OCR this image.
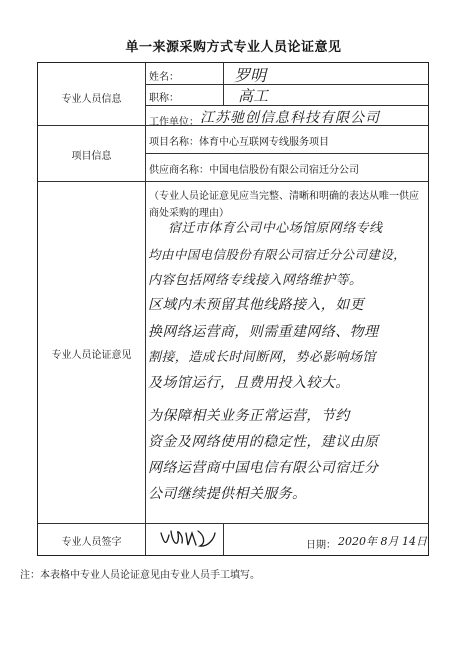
单一来源采购方式专业人员论证意见
专业人员信息
项目信息
专业人员论证意见
专业人员签字
姓名：	罗明
职称：	高工
工作单位： 江苏驰创信息科技有限公司
项目名称： 体育中心互联网专线服务项目
供应商名称： 中国电信股份有限公司宿迁分公司
（专业人员论证意见应当完整、清晰和明确的表达从唯一供应
商处采购的理由）
宿迁市体育公司中心场馆原网络专线
均由中国电信股份有限公司宿迁分公司建设，
内容包括网络专线接入网络维护等。
区域内未预留其他线路接入，如更
换网络运营商，则需重建网络、物理
割接，造成长时间断网，势必影响场馆
及场馆运行，且费用投入较大。
为保障相关业务正常运营，节约
资金及网络使用的稳定性，建议由原
网络运营商中国电信有限公司宿迁分
公司继续提供相关服务。
日期： 2020年 8月 14日
注：本表格中专业人员论证意见由专业人员手工填写。
